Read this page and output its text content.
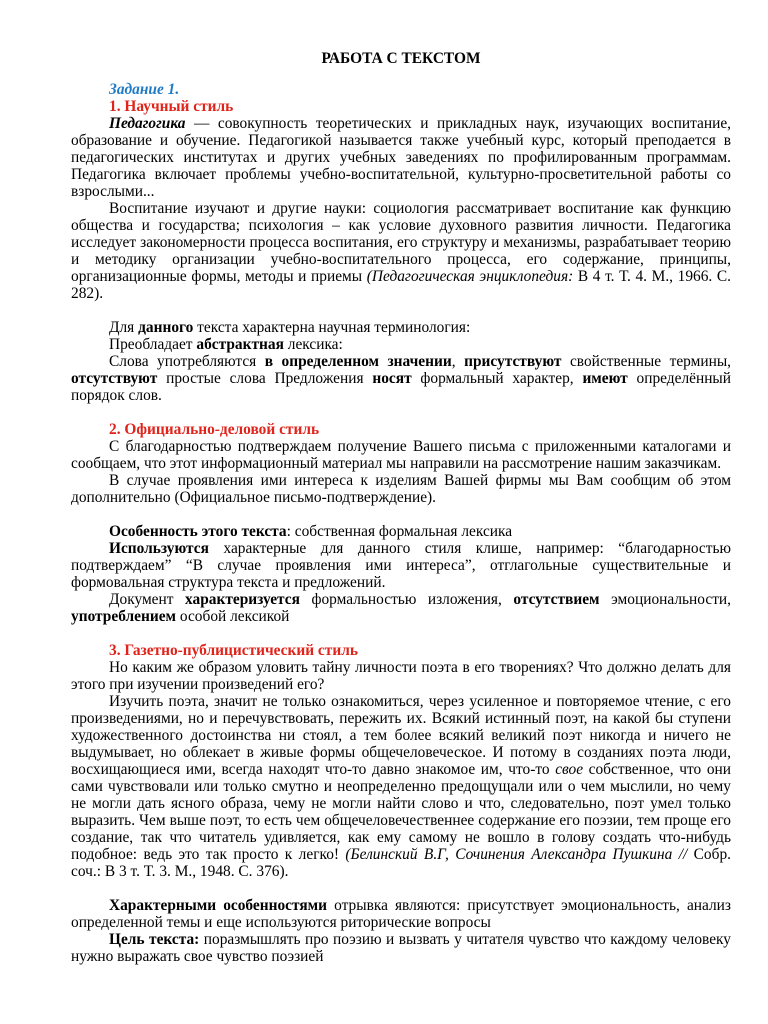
РАБОТА С ТЕКСТОМ

Задание 1.

1. Научный стиль

Педагогика — совокупность теоретических и прикладных наук, изучающих воспитание, образование и обучение. Педагогикой называется также учебный курс, который преподается в педагогических институтах и других учебных заведениях по профилированным программам. Педагогика включает проблемы учебно-воспитательной, культурно-просветительной работы со взрослыми...

Воспитание изучают и другие науки: социология рассматривает воспитание как функцию общества и государства; психология – как условие духовного развития личности. Педагогика исследует закономерности процесса воспитания, его структуру и механизмы, разрабатывает теорию и методику организации учебно-воспитательного процесса, его содержание, принципы, организационные формы, методы и приемы (Педагогическая энциклопедия: В 4 т. Т. 4. М., 1966. С. 282).

Для данного текста характерна научная терминология:

Преобладает абстрактная лексика:

Слова употребляются в определенном значении, присутствуют свойственные термины, отсутствуют простые слова Предложения носят формальный характер, имеют определённый порядок слов.

2. Официально-деловой стиль

С благодарностью подтверждаем получение Вашего письма с приложенными каталогами и сообщаем, что этот информационный материал мы направили на рассмотрение нашим заказчикам.

В случае проявления ими интереса к изделиям Вашей фирмы мы Вам сообщим об этом дополнительно (Официальное письмо-подтверждение).

Особенность этого текста: собственная формальная лексика

Используются характерные для данного стиля клише, например: “благодарностью подтверждаем” “В случае проявления ими интереса”, отглагольные существительные и формовальная структура текста и предложений.

Документ характеризуется формальностью изложения, отсутствием эмоциональности, употреблением особой лексикой

3. Газетно-публицистический стиль

Но каким же образом уловить тайну личности поэта в его творениях? Что должно делать для этого при изучении произведений его?

Изучить поэта, значит не только ознакомиться, через усиленное и повторяемое чтение, с его произведениями, но и перечувствовать, пережить их. Всякий истинный поэт, на какой бы ступени художественного достоинства ни стоял, а тем более всякий великий поэт никогда и ничего не выдумывает, но облекает в живые формы общечеловеческое. И потому в созданиях поэта люди, восхищающиеся ими, всегда находят что-то давно знакомое им, что-то свое собственное, что они сами чувствовали или только смутно и неопределенно предощущали или о чем мыслили, но чему не могли дать ясного образа, чему не могли найти слово и что, следовательно, поэт умел только выразить. Чем выше поэт, то есть чем общечеловечественнее содержание его поэзии, тем проще его создание, так что читатель удивляется, как ему самому не вошло в голову создать что-нибудь подобное: ведь это так просто к легко! (Белинский В.Г, Сочинения Александра Пушкина // Собр. соч.: В 3 т. Т. 3. М., 1948. С. 376).

Характерными особенностями отрывка являются: присутствует эмоциональность, анализ определенной темы и еще используются риторические вопросы

Цель текста: поразмышлять про поэзию и вызвать у читателя чувство что каждому человеку нужно выражать свое чувство поэзией
